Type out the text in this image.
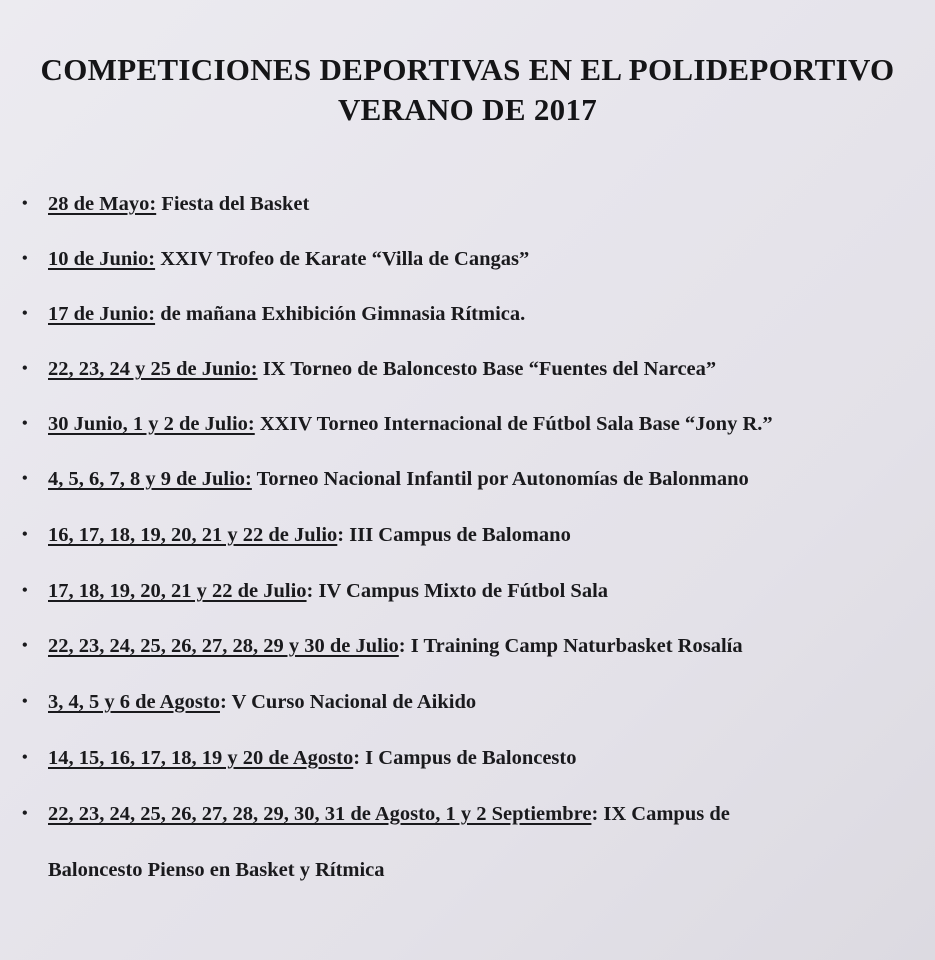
COMPETICIONES DEPORTIVAS EN EL POLIDEPORTIVO
VERANO DE 2017
• 28 de Mayo: Fiesta del Basket
• 10 de Junio: XXIV Trofeo de Karate “Villa de Cangas”
• 17 de Junio: de mañana Exhibición Gimnasia Rítmica.
• 22, 23, 24 y 25 de Junio: IX Torneo de Baloncesto Base “Fuentes del Narcea”
• 30 Junio, 1 y 2 de Julio: XXIV Torneo Internacional de Fútbol Sala Base “Jony R.”
• 4, 5, 6, 7, 8 y 9 de Julio: Torneo Nacional Infantil por Autonomías de Balonmano
• 16, 17, 18, 19, 20, 21 y 22 de Julio: III Campus de Balomano
• 17, 18, 19, 20, 21 y 22 de Julio: IV Campus Mixto de Fútbol Sala
• 22, 23, 24, 25, 26, 27, 28, 29 y 30 de Julio: I Training Camp Naturbasket Rosalía
• 3, 4, 5 y 6 de Agosto: V Curso Nacional de Aikido
• 14, 15, 16, 17, 18, 19 y 20 de Agosto: I Campus de Baloncesto
• 22, 23, 24, 25, 26, 27, 28, 29, 30, 31 de Agosto, 1 y 2 Septiembre: IX Campus de
Baloncesto Pienso en Basket y Rítmica
